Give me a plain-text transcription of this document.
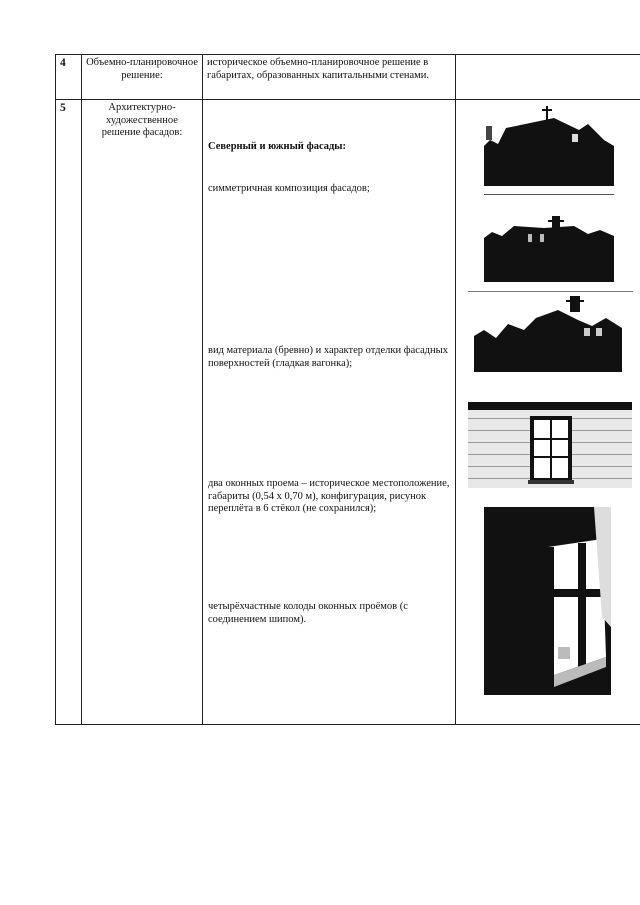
4	Объемно-планировочное решение:	историческое объемно-планировочное решение в габаритах, образованных капитальными стенами.	
5	Архитектурно-художественное решение фасадов:	Северный и южный фасады:
симметричная композиция фасадов;
вид материала (бревно) и характер отделки фасадных поверхностей (гладкая вагонка);
два оконных проема – историческое местоположение, габариты (0,54 х 0,70 м), конфигурация, рисунок переплёта в 6 стёкол (не сохранился);
четырёхчастные колоды оконных проёмов (с соединением шипом).
